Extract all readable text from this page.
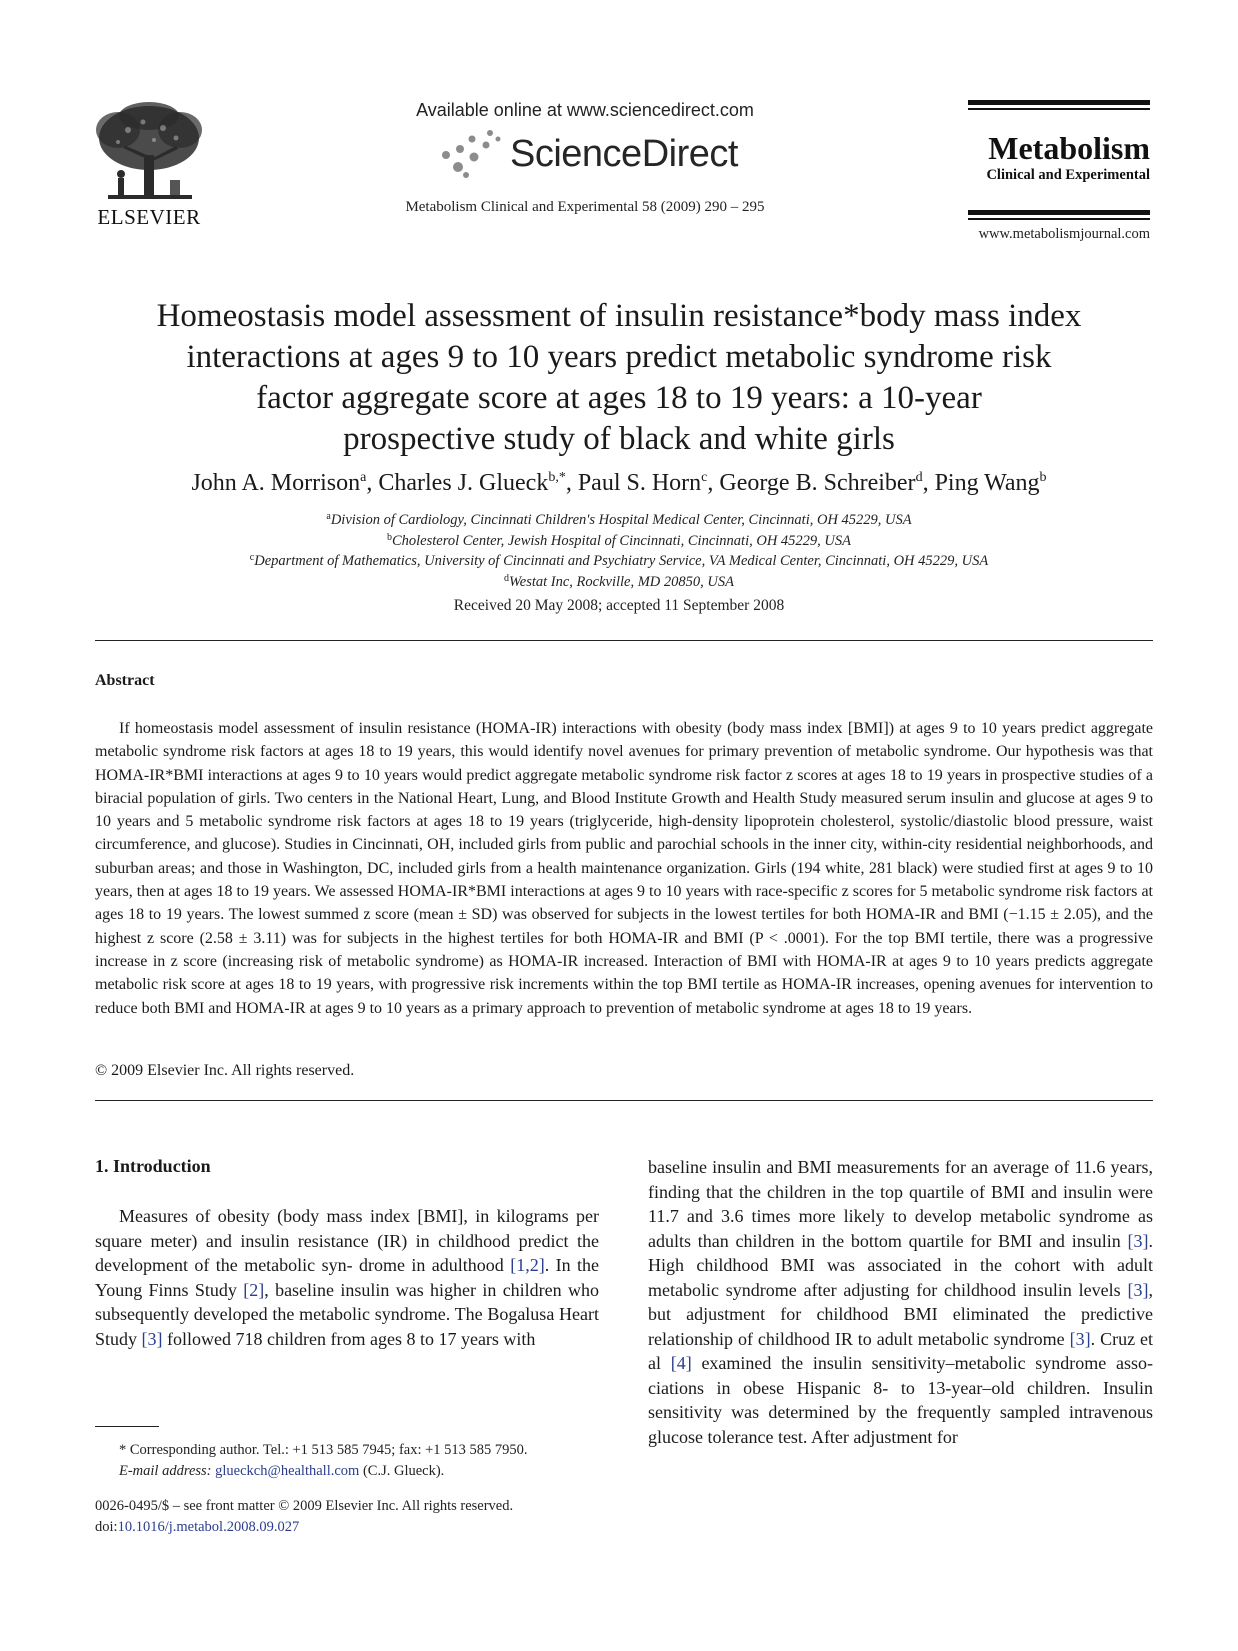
ELSEVIER
Available online at www.sciencedirect.com
ScienceDirect
Metabolism Clinical and Experimental 58 (2009) 290 – 295
Metabolism
Clinical and Experimental
www.metabolismjournal.com
Homeostasis model assessment of insulin resistance*body mass index
interactions at ages 9 to 10 years predict metabolic syndrome risk
factor aggregate score at ages 18 to 19 years: a 10-year
prospective study of black and white girls
John A. Morrison$^a$, Charles J. Glueck$^{b,*}$, Paul S. Horn$^c$, George B. Schreiber$^d$, Ping Wang$^b$
$^a$Division of Cardiology, Cincinnati Children's Hospital Medical Center, Cincinnati, OH 45229, USA
$^b$Cholesterol Center, Jewish Hospital of Cincinnati, Cincinnati, OH 45229, USA
$^c$Department of Mathematics, University of Cincinnati and Psychiatry Service, VA Medical Center, Cincinnati, OH 45229, USA
$^d$Westat Inc, Rockville, MD 20850, USA
Received 20 May 2008; accepted 11 September 2008
Abstract
If homeostasis model assessment of insulin resistance (HOMA-IR) interactions with obesity (body mass index [BMI]) at ages 9 to 10 years predict aggregate metabolic syndrome risk factors at ages 18 to 19 years, this would identify novel avenues for primary prevention of metabolic syndrome. Our hypothesis was that HOMA-IR*BMI interactions at ages 9 to 10 years would predict aggregate metabolic syndrome risk factor z scores at ages 18 to 19 years in prospective studies of a biracial population of girls. Two centers in the National Heart, Lung, and Blood Institute Growth and Health Study measured serum insulin and glucose at ages 9 to 10 years and 5 metabolic syndrome risk factors at ages 18 to 19 years (triglyceride, high-density lipoprotein cholesterol, systolic/diastolic blood pressure, waist circumference, and glucose). Studies in Cincinnati, OH, included girls from public and parochial schools in the inner city, within-city residential neighborhoods, and suburban areas; and those in Washington, DC, included girls from a health maintenance organization. Girls (194 white, 281 black) were studied first at ages 9 to 10 years, then at ages 18 to 19 years. We assessed HOMA-IR*BMI interactions at ages 9 to 10 years with race-specific z scores for 5 metabolic syndrome risk factors at ages 18 to 19 years. The lowest summed z score (mean ± SD) was observed for subjects in the lowest tertiles for both HOMA-IR and BMI (−1.15 ± 2.05), and the highest z score (2.58 ± 3.11) was for subjects in the highest tertiles for both HOMA-IR and BMI (P < .0001). For the top BMI tertile, there was a progressive increase in z score (increasing risk of metabolic syndrome) as HOMA-IR increased. Interaction of BMI with HOMA-IR at ages 9 to 10 years predicts aggregate metabolic risk score at ages 18 to 19 years, with progressive risk increments within the top BMI tertile as HOMA-IR increases, opening avenues for intervention to reduce both BMI and HOMA-IR at ages 9 to 10 years as a primary approach to prevention of metabolic syndrome at ages 18 to 19 years.
© 2009 Elsevier Inc. All rights reserved.
1. Introduction
Measures of obesity (body mass index [BMI], in kilograms per square meter) and insulin resistance (IR) in childhood predict the development of the metabolic syn- drome in adulthood [1,2]. In the Young Finns Study [2], baseline insulin was higher in children who subsequently developed the metabolic syndrome. The Bogalusa Heart Study [3] followed 718 children from ages 8 to 17 years with
baseline insulin and BMI measurements for an average of 11.6 years, finding that the children in the top quartile of BMI and insulin were 11.7 and 3.6 times more likely to develop metabolic syndrome as adults than children in the bottom quartile for BMI and insulin [3]. High childhood BMI was associated in the cohort with adult metabolic syndrome after adjusting for childhood insulin levels [3], but adjustment for childhood BMI eliminated the predictive relationship of childhood IR to adult metabolic syndrome [3]. Cruz et al [4] examined the insulin sensitivity–metabolic syndrome asso- ciations in obese Hispanic 8- to 13-year–old children. Insulin sensitivity was determined by the frequently sampled intravenous glucose tolerance test. After adjustment for
* Corresponding author. Tel.: +1 513 585 7945; fax: +1 513 585 7950.
E-mail address: glueckch@healthall.com (C.J. Glueck).
0026-0495/$ – see front matter © 2009 Elsevier Inc. All rights reserved.
doi:10.1016/j.metabol.2008.09.027
